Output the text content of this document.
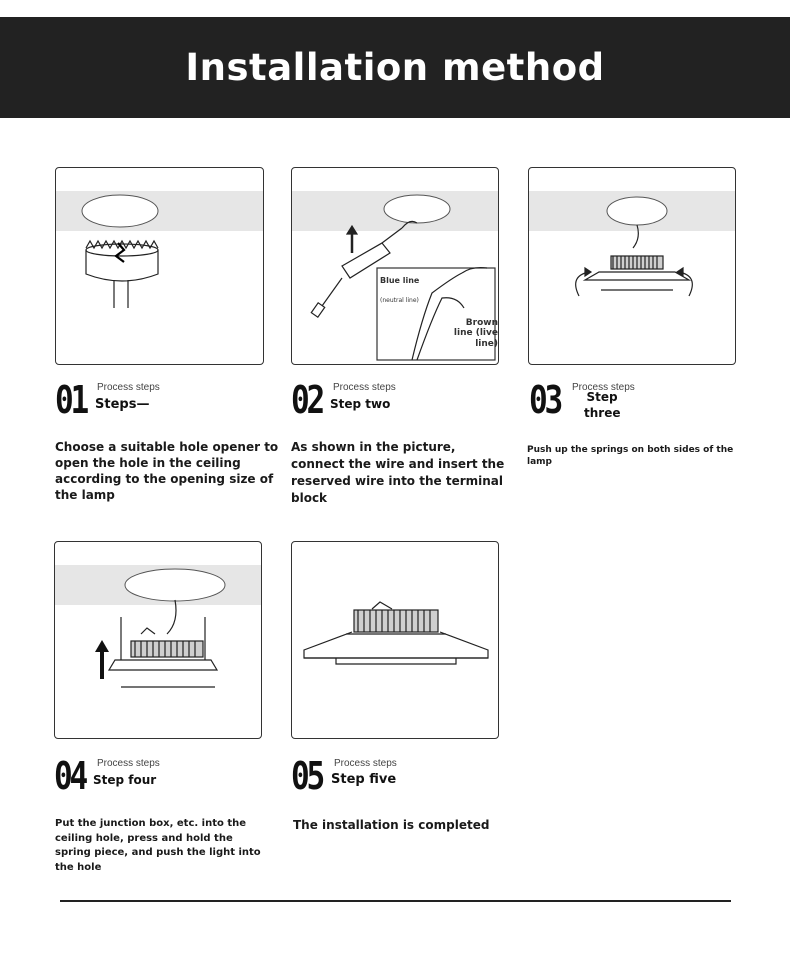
Installation method
01 Process steps
Steps—
Choose a suitable hole opener to open the hole in the ceiling according to the opening size of the lamp
Blue line
(neutral line)
Brown line (live line)
02 Process steps
Step two
As shown in the picture, connect the wire and insert the reserved wire into the terminal block
03 Process steps
Step three
Push up the springs on both sides of the lamp
04 Process steps
Step four
Put the junction box, etc. into the ceiling hole, press and hold the spring piece, and push the light into the hole
05 Process steps
Step five
The installation is completed
